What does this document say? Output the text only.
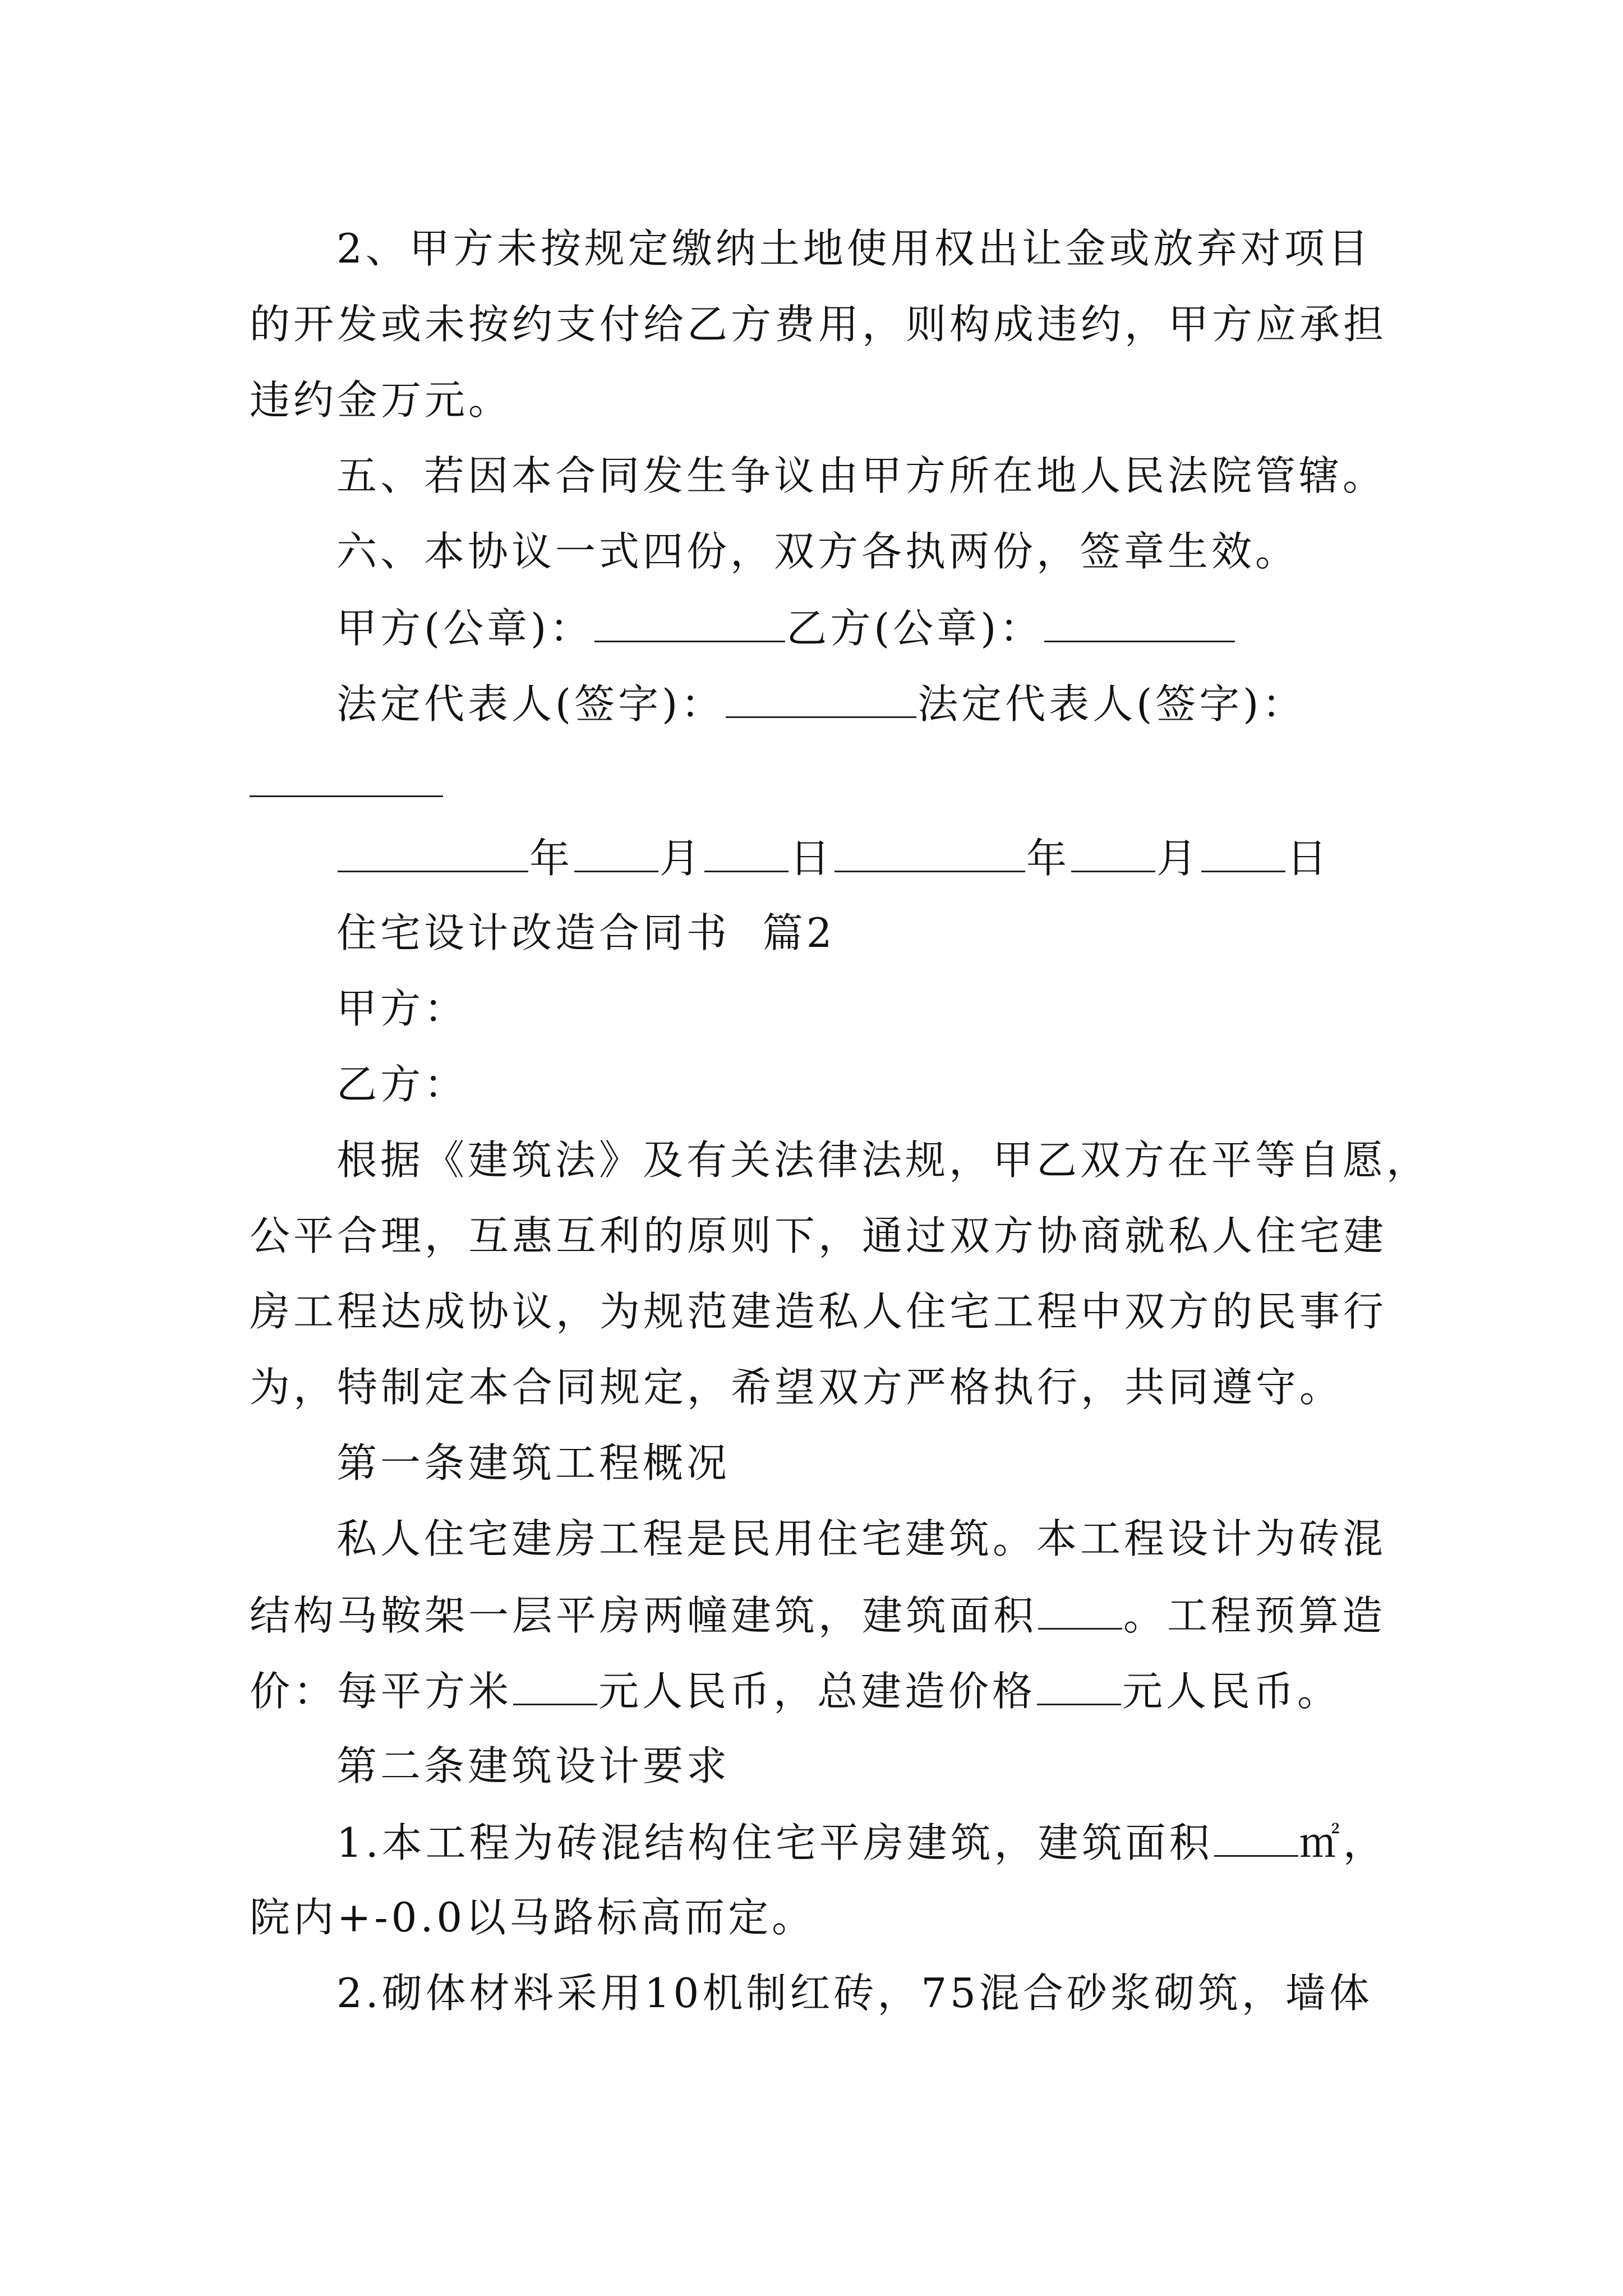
2、甲方未按规定缴纳土地使用权出让金或放弃对项目
的开发或未按约支付给乙方费用，则构成违约，甲方应承担
违约金万元。
五、若因本合同发生争议由甲方所在地人民法院管辖。
六、本协议一式四份，双方各执两份，签章生效。
甲方(公章)：	乙方(公章)：
法定代表人(签字)：	法定代表人(签字)：
年 月 日	年 月 日
住宅设计改造合同书  篇2
甲方：
乙方：
根据《建筑法》及有关法律法规，甲乙双方在平等自愿，
公平合理，互惠互利的原则下，通过双方协商就私人住宅建
房工程达成协议，为规范建造私人住宅工程中双方的民事行
为，特制定本合同规定，希望双方严格执行，共同遵守。
第一条建筑工程概况
私人住宅建房工程是民用住宅建筑。本工程设计为砖混
结构马鞍架一层平房两幢建筑，建筑面积 。工程预算造
价：每平方米 元人民币，总建造价格 元人民币。
第二条建筑设计要求
1.本工程为砖混结构住宅平房建筑，建筑面积 ㎡，
院内+-0.0以马路标高而定。
2.砌体材料采用10机制红砖，75混合砂浆砌筑，墙体
